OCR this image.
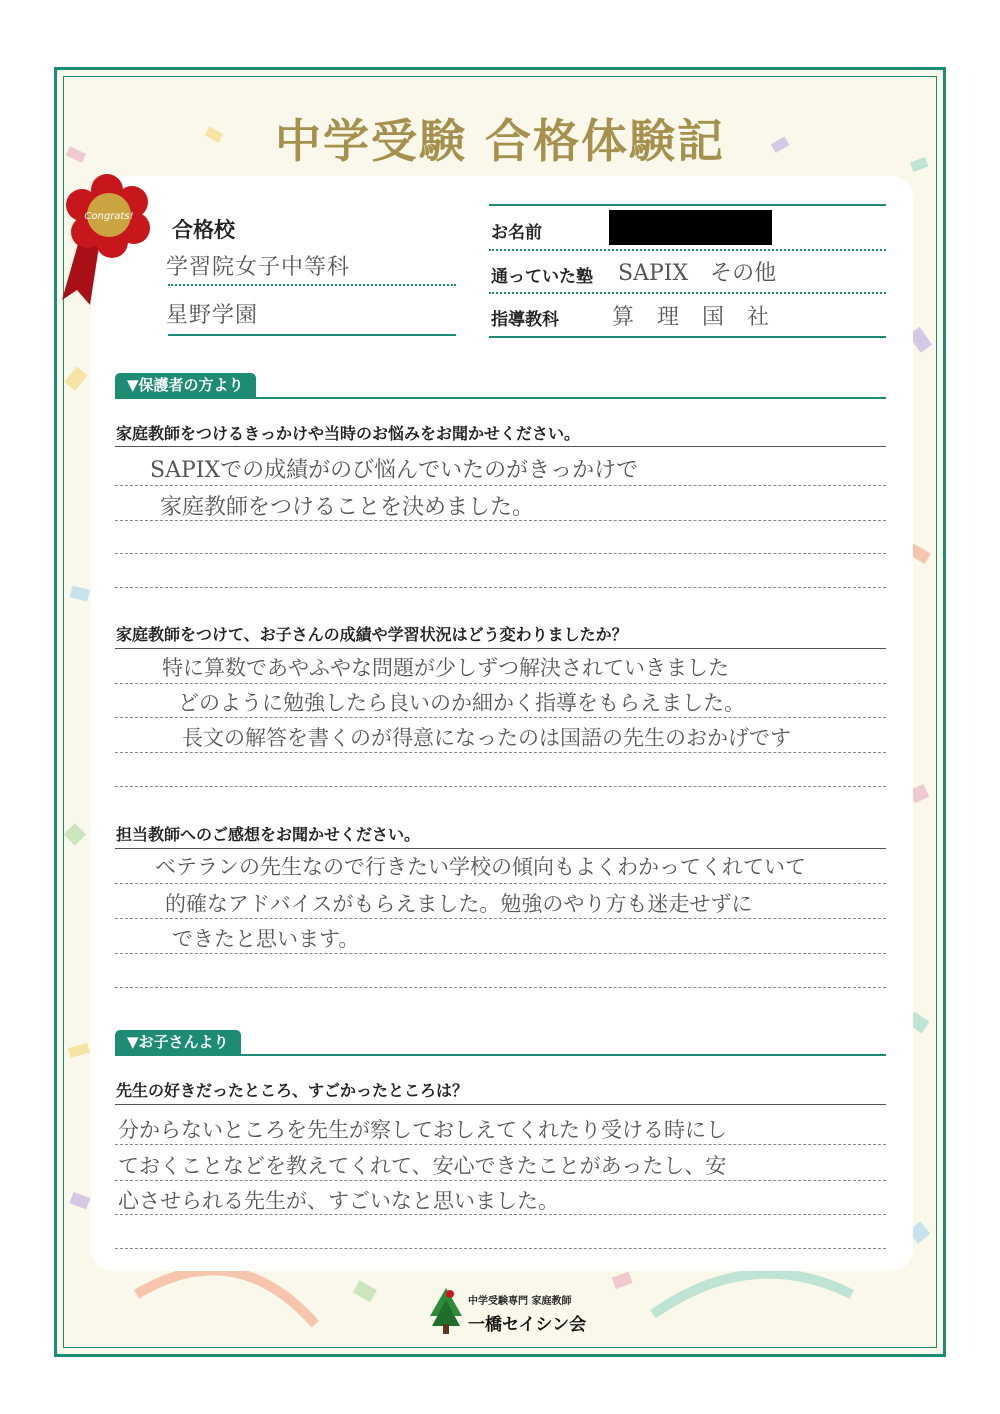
中学受験 合格体験記
Congrats!
合格校
学習院女子中等科
星野学園
お名前
通っていた塾 SAPIX　その他
指導教科 算 理 国 社
▼保護者の方より
家庭教師をつけるきっかけや当時のお悩みをお聞かせください。
SAPIXでの成績がのび悩んでいたのがきっかけで
家庭教師をつけることを決めました。
家庭教師をつけて、お子さんの成績や学習状況はどう変わりましたか？
特に算数であやふやな問題が少しずつ解決されていきました
どのように勉強したら良いのか細かく指導をもらえました。
長文の解答を書くのが得意になったのは国語の先生のおかげです
担当教師へのご感想をお聞かせください。
ベテランの先生なので行きたい学校の傾向もよくわかってくれていて
的確なアドバイスがもらえました。勉強のやり方も迷走せずに
できたと思います。
▼お子さんより
先生の好きだったところ、すごかったところは？
分からないところを先生が察しておしえてくれたり受ける時にし
ておくことなどを教えてくれて、安心できたことがあったし、安
心させられる先生が、すごいなと思いました。
中学受験専門 家庭教師
一橋セイシン会
